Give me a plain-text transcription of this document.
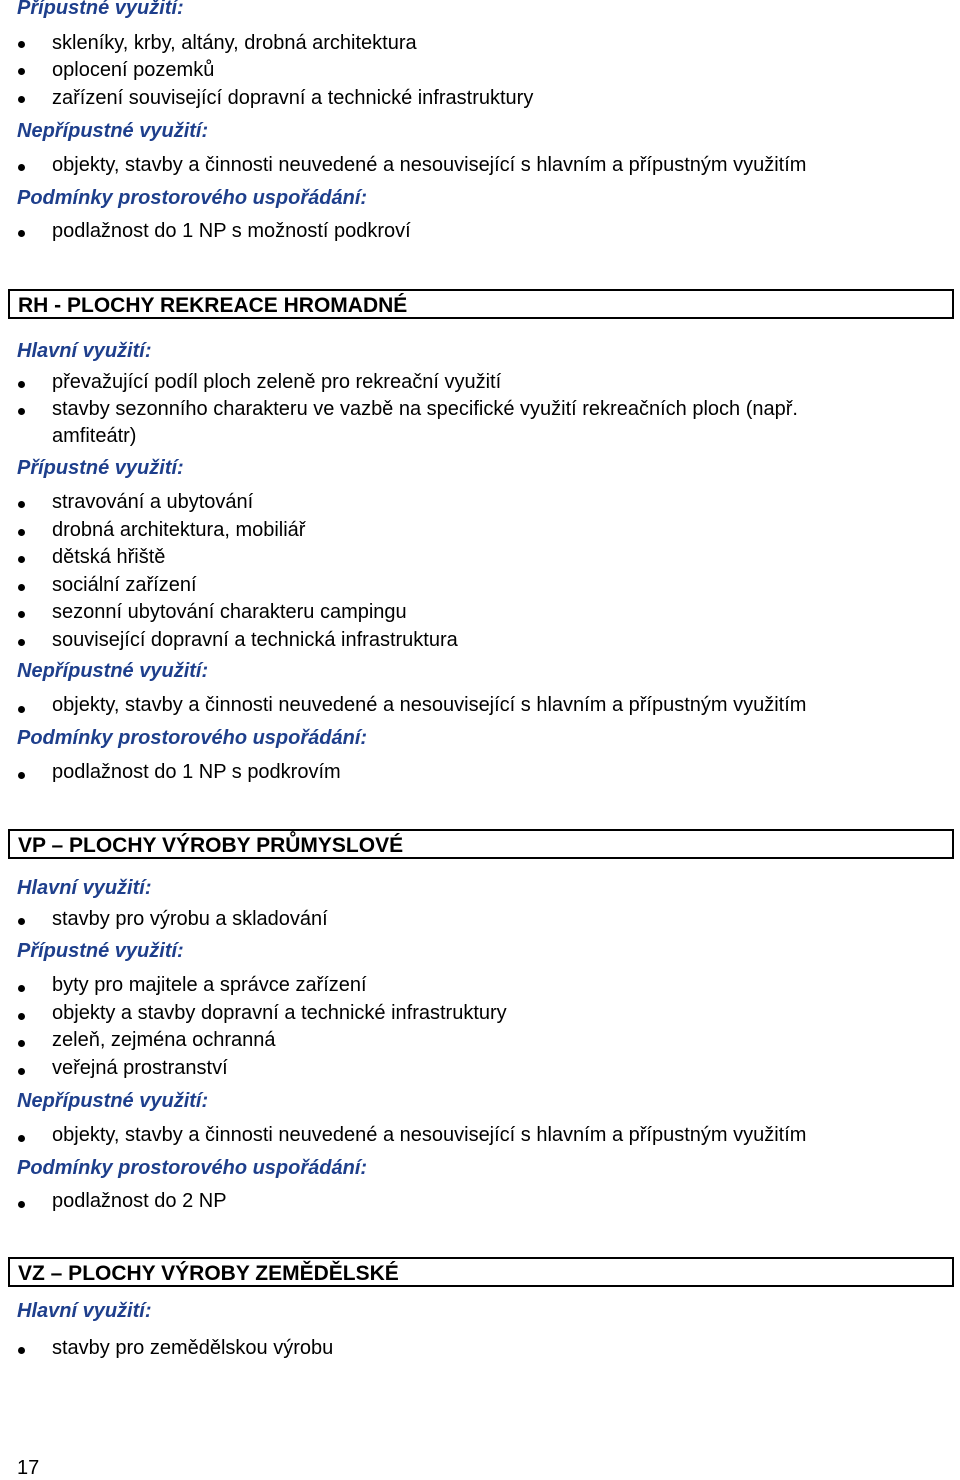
Přípustné využití:
skleníky, krby, altány, drobná architektura
oplocení pozemků
zařízení související dopravní a technické infrastruktury
Nepřípustné využití:
objekty, stavby a činnosti neuvedené a nesouvisející s hlavním a přípustným využitím
Podmínky prostorového uspořádání:
podlažnost do 1 NP s možností podkroví
RH - PLOCHY REKREACE HROMADNÉ
Hlavní využití:
převažující podíl ploch zeleně pro rekreační využití
stavby sezonního charakteru ve vazbě na specifické využití rekreačních ploch (např.
amfiteátr)
Přípustné využití:
stravování a ubytování
drobná architektura, mobiliář
dětská hřiště
sociální zařízení
sezonní ubytování charakteru campingu
související dopravní a technická infrastruktura
Nepřípustné využití:
objekty, stavby a činnosti neuvedené a nesouvisející s hlavním a přípustným využitím
Podmínky prostorového uspořádání:
podlažnost do 1 NP s podkrovím
VP – PLOCHY VÝROBY PRŮMYSLOVÉ
Hlavní využití:
stavby pro výrobu a skladování
Přípustné využití:
byty pro majitele a správce zařízení
objekty a stavby dopravní a technické infrastruktury
zeleň, zejména ochranná
veřejná prostranství
Nepřípustné využití:
objekty, stavby a činnosti neuvedené a nesouvisející s hlavním a přípustným využitím
Podmínky prostorového uspořádání:
podlažnost do 2 NP
VZ – PLOCHY VÝROBY ZEMĚDĚLSKÉ
Hlavní využití:
stavby pro zemědělskou výrobu
17
